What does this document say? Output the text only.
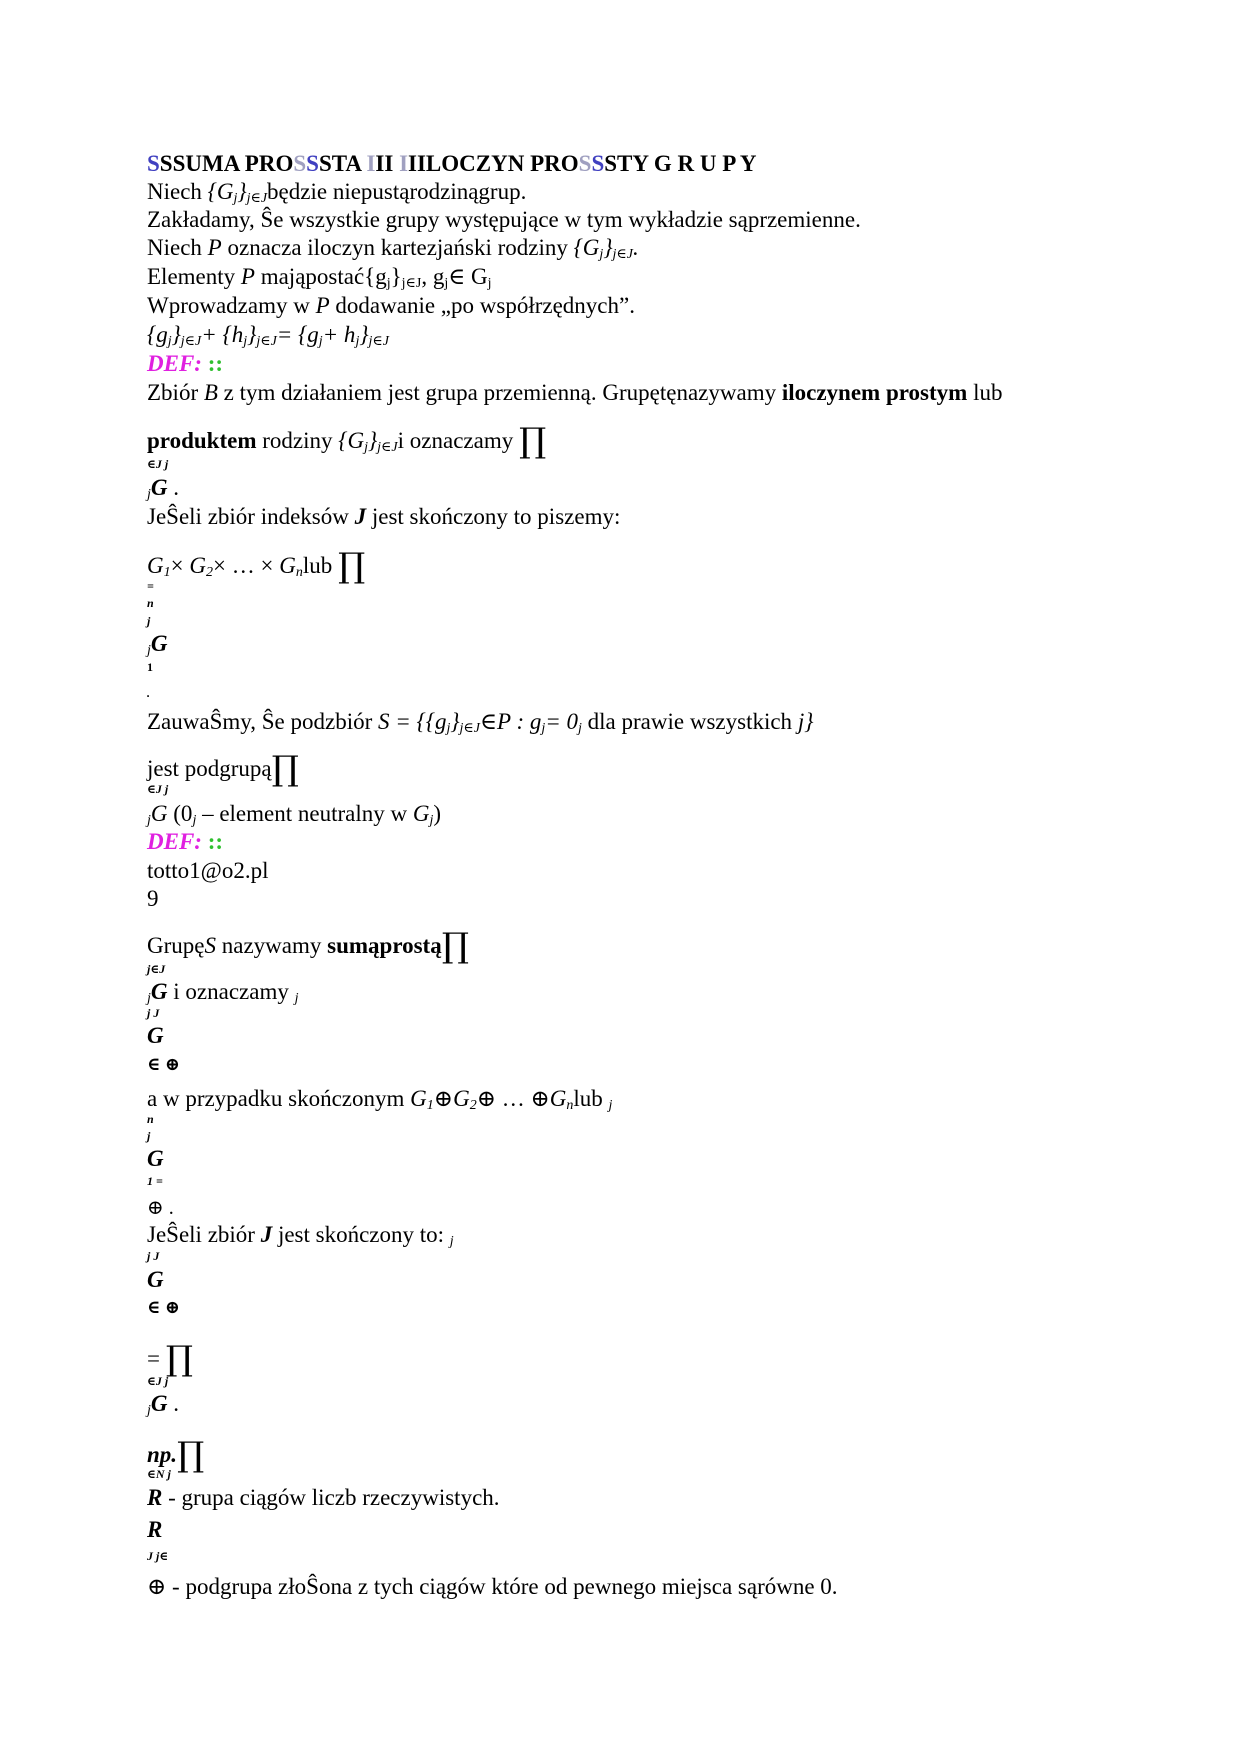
SSSUMA PROSSSTA III IIILOCZYN PROSSSTY G R U P Y
Niech $\{G_j\}_{j\in J}będzie$ niepustąrodzinągrup.
Zakładamy, Ŝe wszystkie grupy występujące w tym wykładzie sąprzemienne.
Niech P oznacza iloczyn kartezjański rodziny $\{G_j\}_{j\in J}$.
Elementy P $mająpostać\{g_j\}_{j\in J}$, $g_j\in$ $G_j$
Wprowadzamy w P dodawanie „po współrzędnych”.
$\{g_j\}_{j\in J}+ \{h_j\}_{j\in J}= \{g_j+ h_j\}_{j\in J}$
DEF: ::
Zbiór B z tym działaniem jest grupa przemienną. Grupętęnazywamy iloczynem prostym lub
produktem rodziny $\{G_j\}_{j\in J}i$ oznaczamy ∏
∈J j
$_j$G .
JeŜeli zbiór indeksów J jest skończony to piszemy:
$G_1\times G_2\times$ … × $G_nlub$ ∏
=
n
j
$_j$G
1
.
ZauwaŜmy, Ŝe podzbiór $S = \{\{g_j\}_{j\in J}\in P$ : $g_j= 0_j$ dla prawie wszystkich j}
jest podgrupą∏
∈J j
$_j$G ($0_j$ – element neutralny w $G_j$)
DEF: ::
totto1@o2.pl
9
GrupęS nazywamy sumąprostą∏
j∈J
$_j$G i oznaczamy $_j$
j J
G
∈ ⊕
a w przypadku skończonym $G_1\oplus G_2\oplus$ … $\oplus G_nlub$ $_j$
n
j
G
1 =
⊕ .
JeŜeli zbiór J jest skończony to: $_j$
j J
G
∈ ⊕
= ∏
∈J j
$_j$G .
np.∏
∈N j
R - grupa ciągów liczb rzeczywistych.
R
J j∈
⊕ - podgrupa złoŜona z tych ciągów które od pewnego miejsca sąrówne 0.
